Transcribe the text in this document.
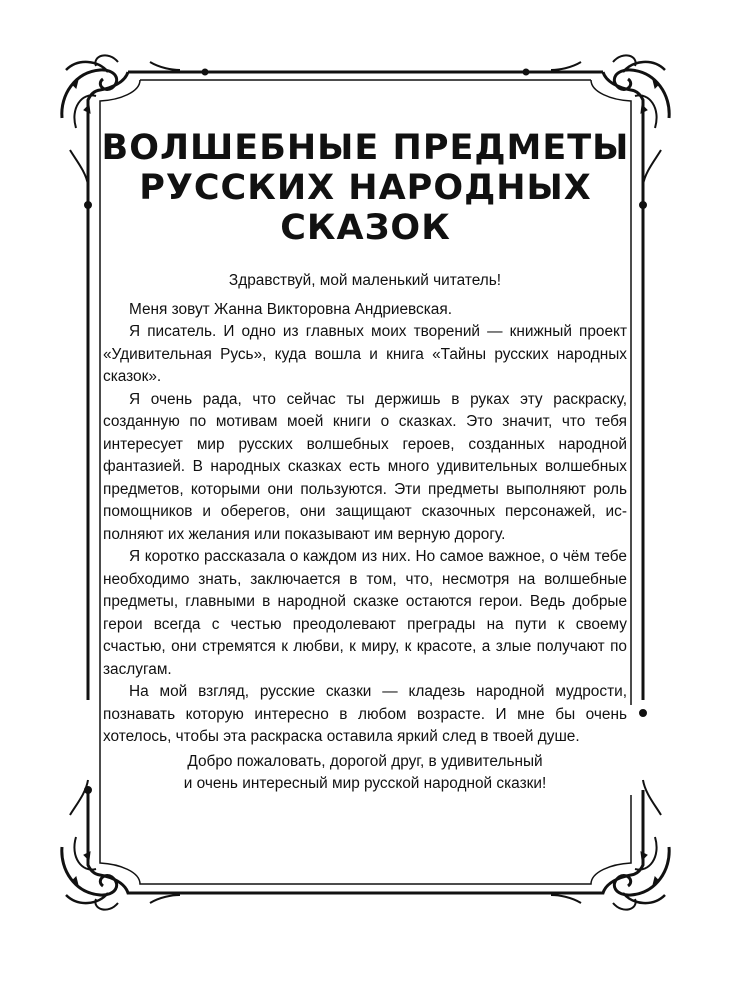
ВОЛШЕБНЫЕ ПРЕДМЕТЫ
РУССКИХ НАРОДНЫХ
СКАЗОК

Здравствуй, мой маленький читатель!

Меня зовут Жанна Викторовна Андриевская.

Я писатель. И одно из главных моих творений — книжный проект «Удивительная Русь», куда вошла и книга «Тайны русских народных сказок».

Я очень рада, что сейчас ты держишь в руках эту раскраску, созданную по мотивам моей книги о сказках. Это значит, что тебя интересует мир русских волшебных героев, созданных народной фантазией. В народных сказках есть много удивительных волшебных предметов, которыми они пользуются. Эти предметы выполняют роль помощников и оберегов, они защищают сказочных персонажей, исполняют их желания или показывают им верную дорогу.

Я коротко рассказала о каждом из них. Но самое важное, о чём тебе необходимо знать, заключается в том, что, несмотря на волшебные предметы, главными в народной сказке остаются герои. Ведь добрые герои всегда с честью преодолевают преграды на пути к своему счастью, они стремятся к любви, к миру, к красоте, а злые получают по заслугам.

На мой взгляд, русские сказки — кладезь народной мудрости, познавать которую интересно в любом возрасте. И мне бы очень хотелось, чтобы эта раскраска оставила яркий след в твоей душе.

Добро пожаловать, дорогой друг, в удивительный

и очень интересный мир русской народной сказки!
